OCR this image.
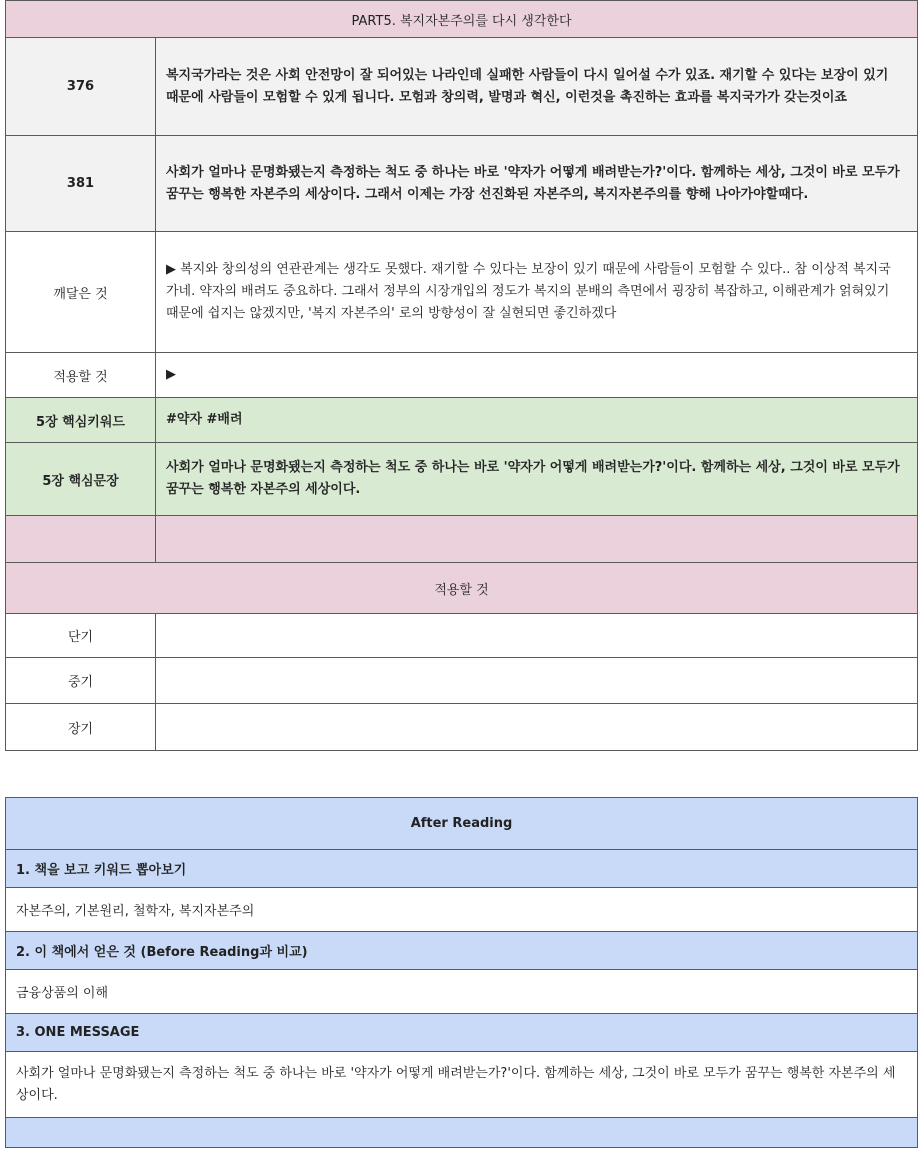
PART5. 복지자본주의를 다시 생각한다	
376	복지국가라는 것은 사회 안전망이 잘 되어있는 나라인데 실패한 사람들이 다시 일어설 수가 있죠. 재기할 수 있다는 보장이 있기 때문에 사람들이 모험할 수 있게 됩니다. 모험과 창의력, 발명과 혁신, 이런것을 촉진하는 효과를 복지국가가 갖는것이죠
381	사회가 얼마나 문명화됐는지 측정하는 척도 중 하나는 바로 '약자가 어떻게 배려받는가?'이다. 함께하는 세상, 그것이 바로 모두가 꿈꾸는 행복한 자본주의 세상이다. 그래서 이제는 가장 선진화된 자본주의, 복지자본주의를 향해 나아가야할때다.
깨달은 것	▶ 복지와 창의성의 연관관계는 생각도 못했다. 재기할 수 있다는 보장이 있기 때문에 사람들이 모험할 수 있다.. 참 이상적 복지국가네. 약자의 배려도 중요하다. 그래서 정부의 시장개입의 정도가 복지의 분배의 측면에서 굉장히 복잡하고, 이해관계가 얽혀있기 때문에 쉽지는 않겠지만, '복지 자본주의' 로의 방향성이 잘 실현되면 좋긴하겠다
적용할 것	▶
5장 핵심키워드	#약자 #배려
5장 핵심문장	사회가 얼마나 문명화됐는지 측정하는 척도 중 하나는 바로 '약자가 어떻게 배려받는가?'이다. 함께하는 세상, 그것이 바로 모두가 꿈꾸는 행복한 자본주의 세상이다.

적용할 것	
단기	
중기	
장기	
After Reading
1. 책을 보고 키워드 뽑아보기
자본주의, 기본원리, 철학자, 복지자본주의
2. 이 책에서 얻은 것 (Before Reading과 비교)
금융상품의 이해
3. ONE MESSAGE
사회가 얼마나 문명화됐는지 측정하는 척도 중 하나는 바로 '약자가 어떻게 배려받는가?'이다. 함께하는 세상, 그것이 바로 모두가 꿈꾸는 행복한 자본주의 세상이다.
